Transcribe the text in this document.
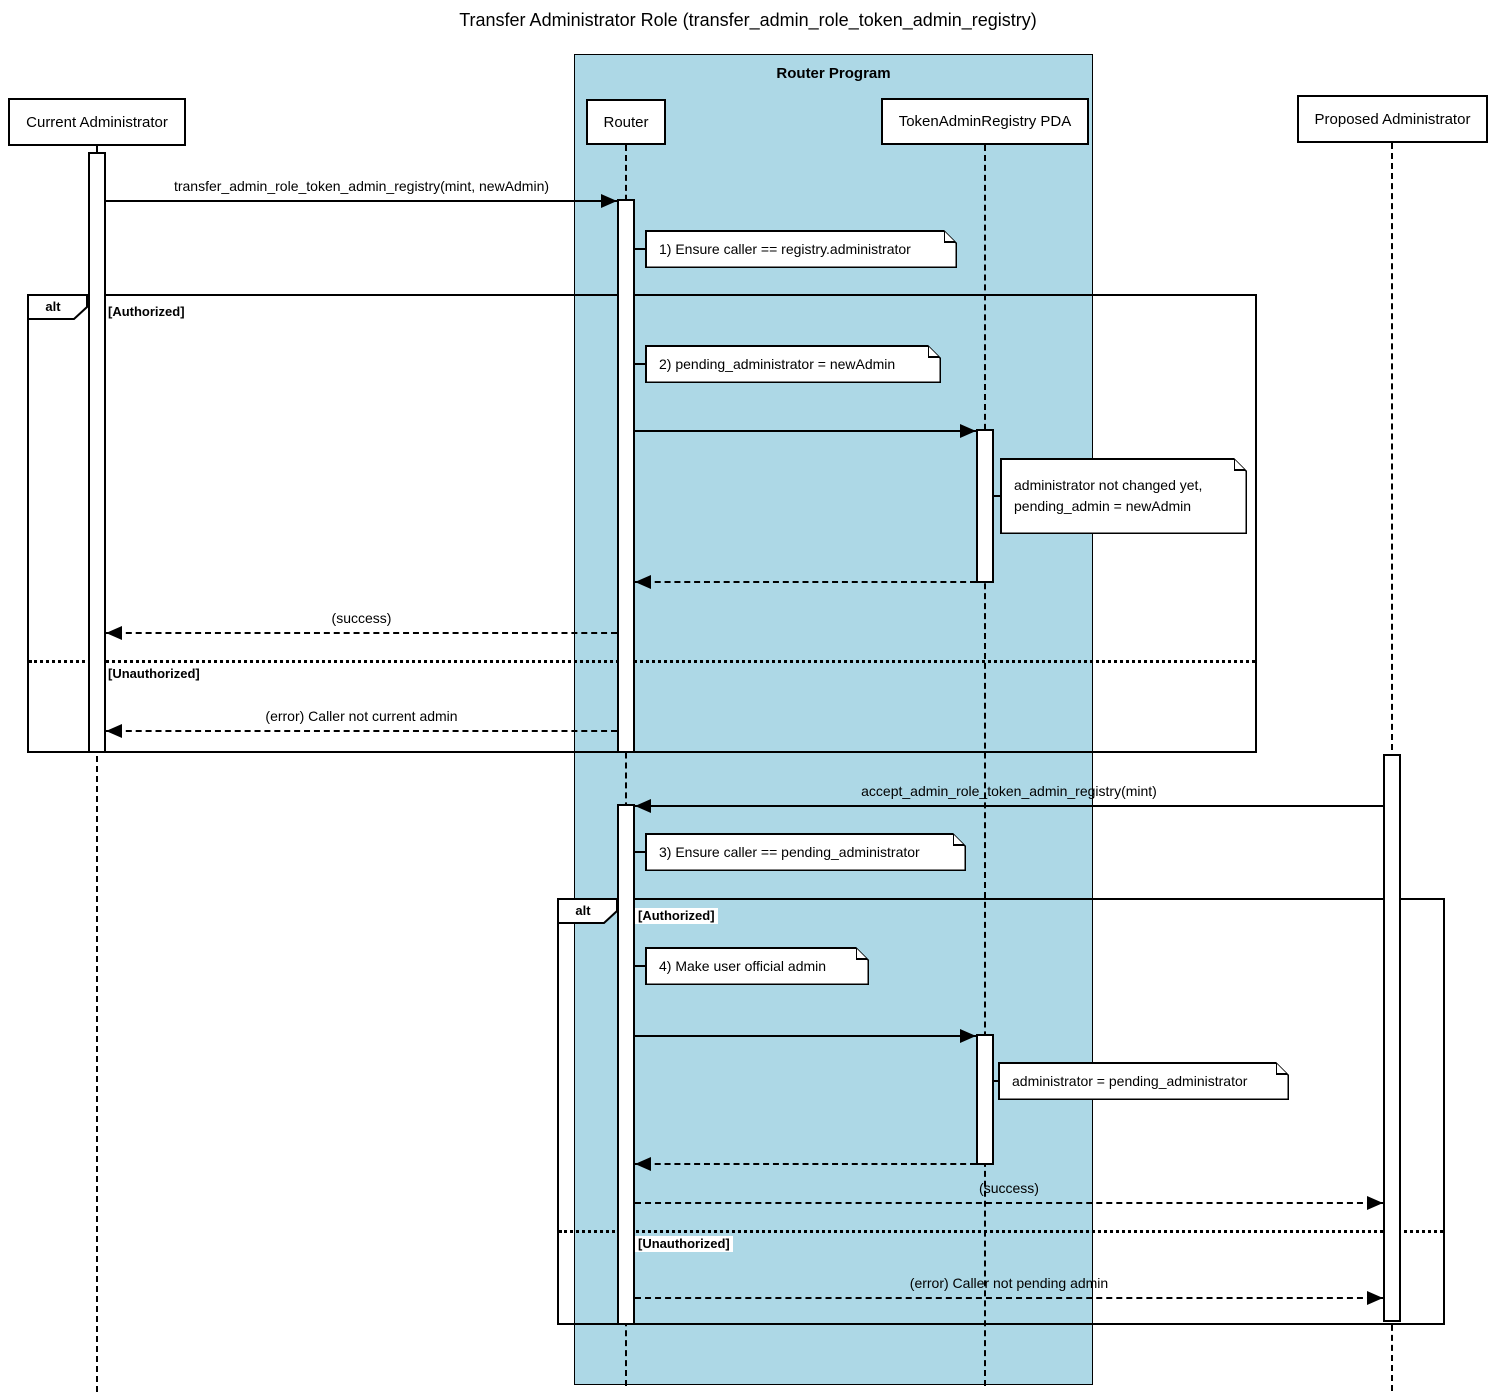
Transfer Administrator Role (transfer_admin_role_token_admin_registry)
Router Program
alt	[Authorized]
[Unauthorized]
alt	[Authorized]
[Unauthorized]
transfer_admin_role_token_admin_registry(mint, newAdmin)
(success)
(error) Caller not current admin
accept_admin_role_token_admin_registry(mint)
(success)
(error) Caller not pending admin
1) Ensure caller == registry.administrator
2) pending_administrator = newAdmin
administrator not changed yet,
pending_admin = newAdmin
3) Ensure caller == pending_administrator
4) Make user official admin
administrator = pending_administrator
Current Administrator	Router	TokenAdminRegistry PDA	Proposed Administrator
